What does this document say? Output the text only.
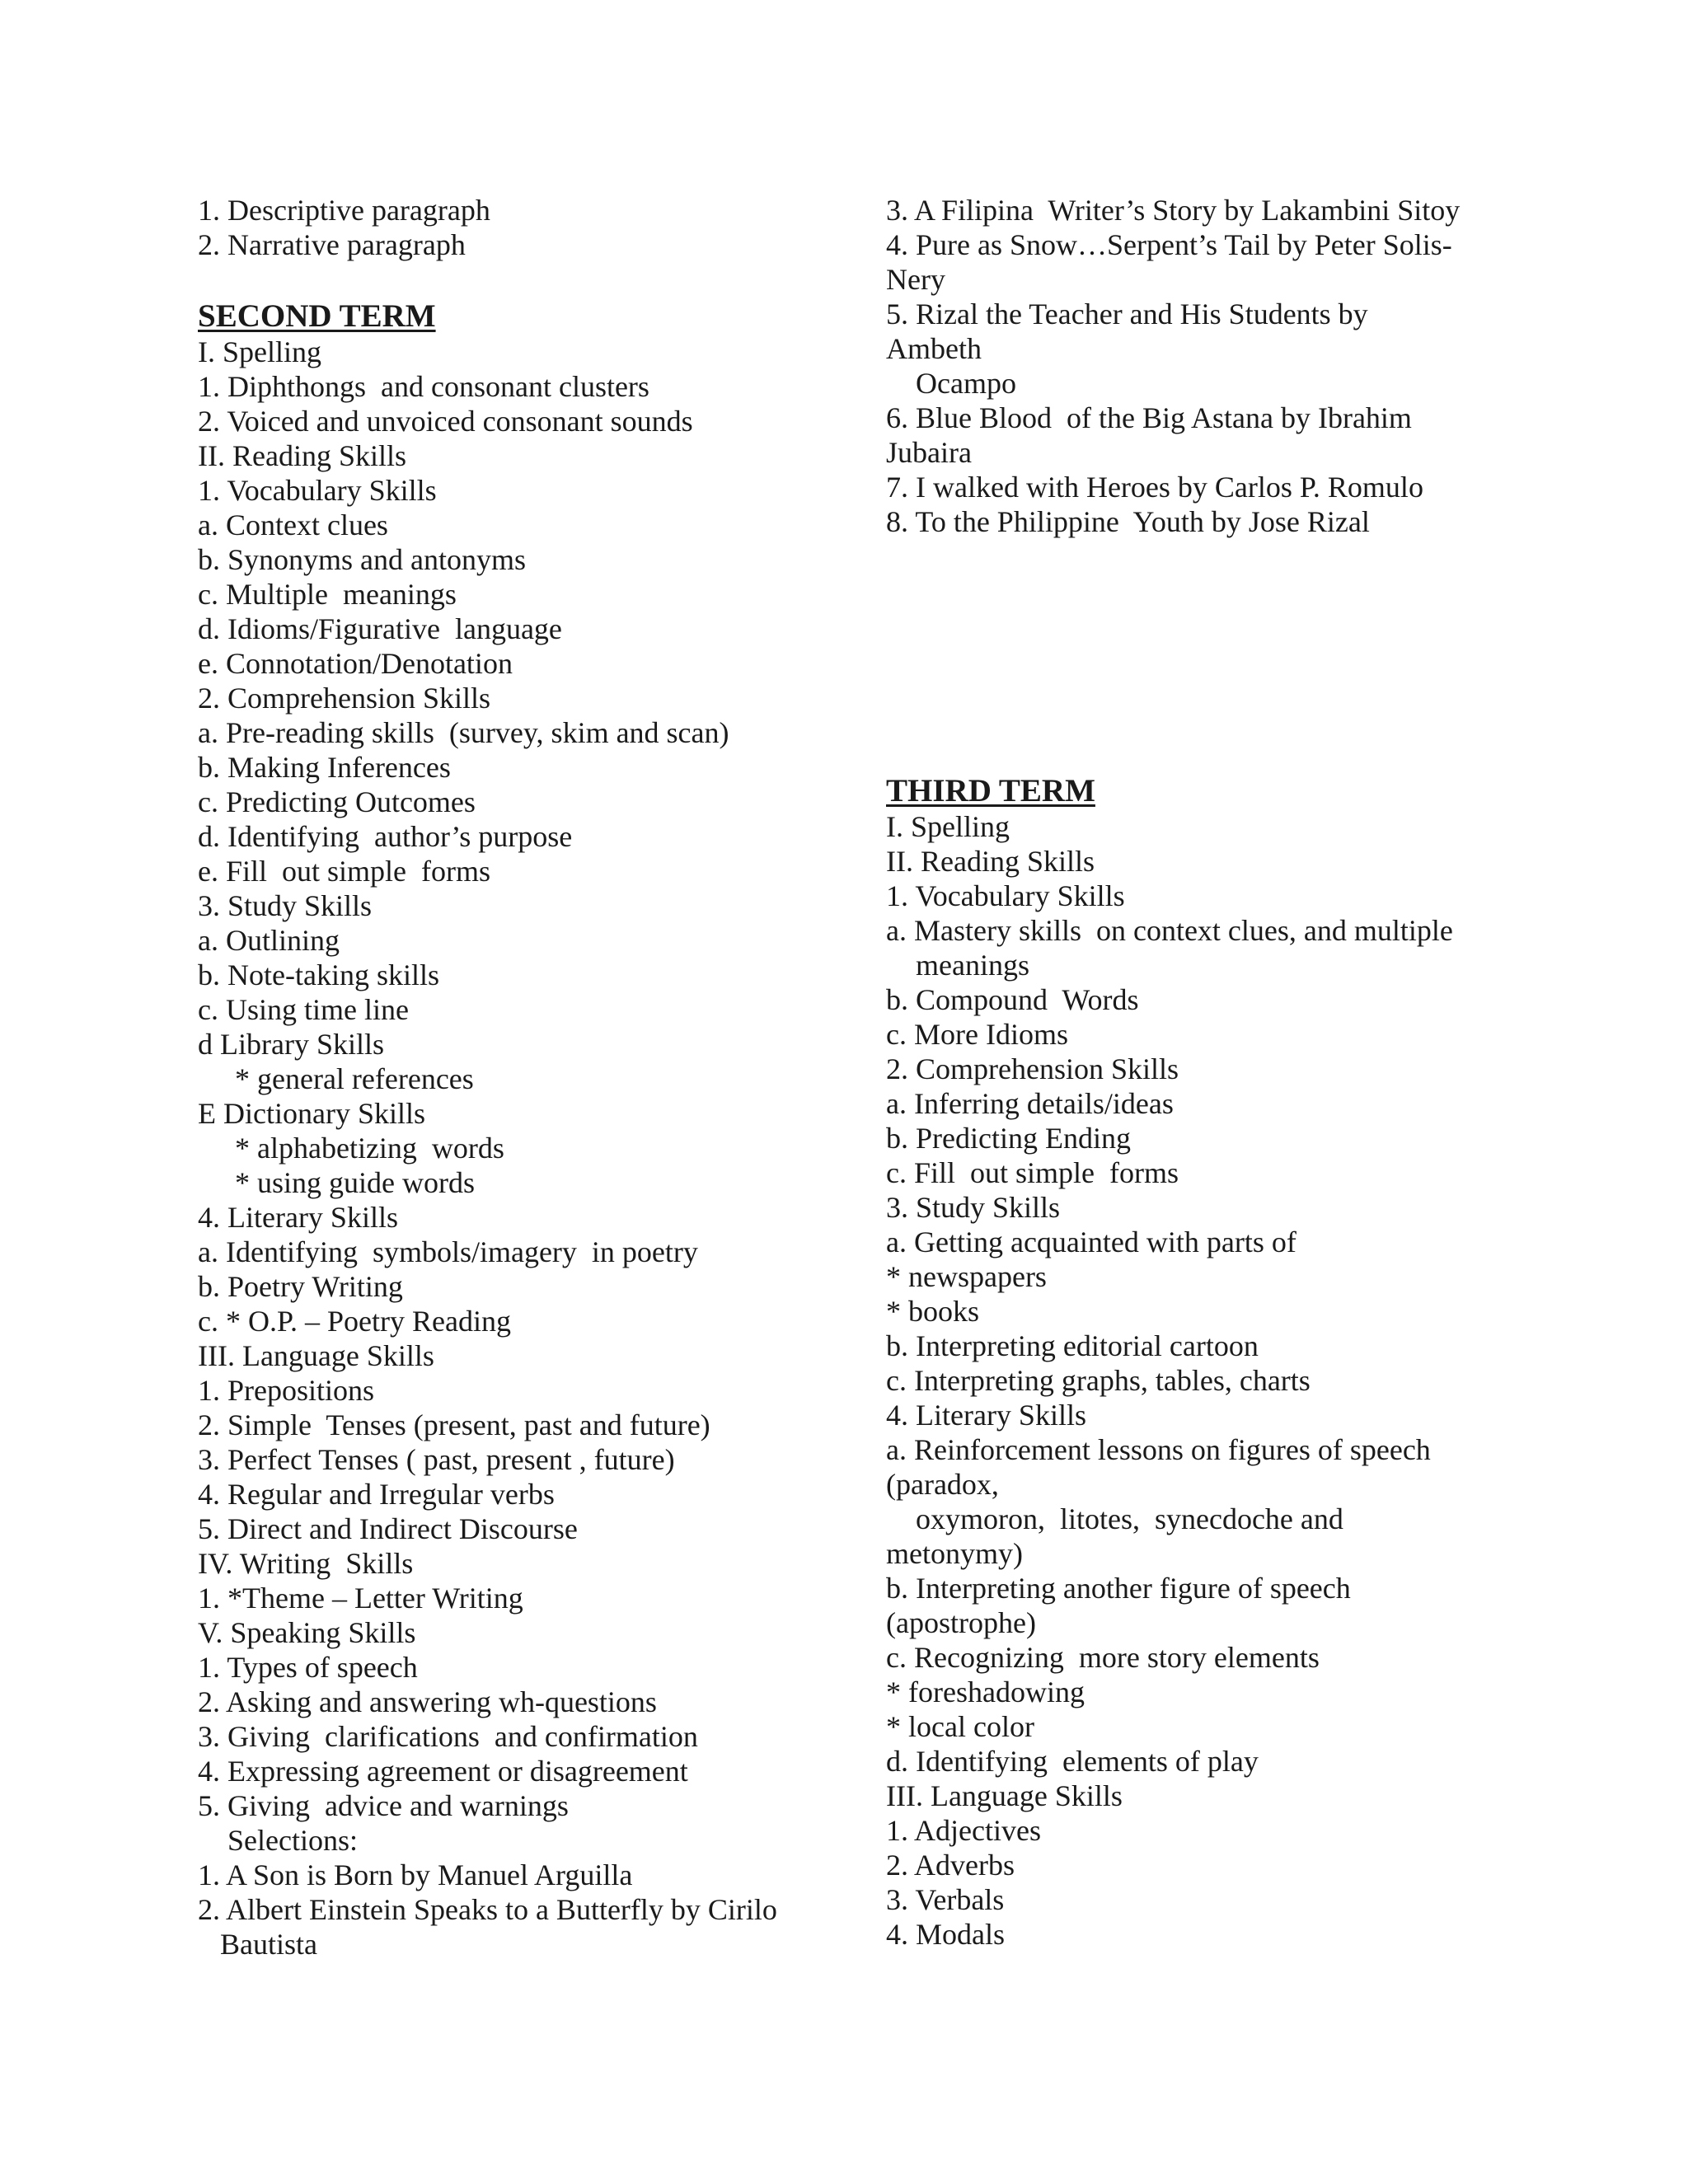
1. Descriptive paragraph
2. Narrative paragraph
SECOND TERM
I. Spelling
1. Diphthongs  and consonant clusters
2. Voiced and unvoiced consonant sounds
II. Reading Skills
1. Vocabulary Skills
a. Context clues
b. Synonyms and antonyms
c. Multiple  meanings
d. Idioms/Figurative  language
e. Connotation/Denotation
2. Comprehension Skills
a. Pre-reading skills  (survey, skim and scan)
b. Making Inferences
c. Predicting Outcomes
d. Identifying  author’s purpose
e. Fill  out simple  forms
3. Study Skills
a. Outlining
b. Note-taking skills
c. Using time line
d Library Skills
* general references
E Dictionary Skills
* alphabetizing  words
* using guide words
4. Literary Skills
a. Identifying  symbols/imagery  in poetry
b. Poetry Writing
c. * O.P. – Poetry Reading
III. Language Skills
1. Prepositions
2. Simple  Tenses (present, past and future)
3. Perfect Tenses ( past, present , future)
4. Regular and Irregular verbs
5. Direct and Indirect Discourse
IV. Writing  Skills
1. *Theme – Letter Writing
V. Speaking Skills
1. Types of speech
2. Asking and answering wh-questions
3. Giving  clarifications  and confirmation
4. Expressing agreement or disagreement
5. Giving  advice and warnings
Selections:
1. A Son is Born by Manuel Arguilla
2. Albert Einstein Speaks to a Butterfly by Cirilo
Bautista
3. A Filipina  Writer’s Story by Lakambini Sitoy
4. Pure as Snow…Serpent’s Tail by Peter Solis-
Nery
5. Rizal the Teacher and His Students by
Ambeth
Ocampo
6. Blue Blood  of the Big Astana by Ibrahim
Jubaira
7. I walked with Heroes by Carlos P. Romulo
8. To the Philippine  Youth by Jose Rizal
THIRD TERM
I. Spelling
II. Reading Skills
1. Vocabulary Skills
a. Mastery skills  on context clues, and multiple
meanings
b. Compound  Words
c. More Idioms
2. Comprehension Skills
a. Inferring details/ideas
b. Predicting Ending
c. Fill  out simple  forms
3. Study Skills
a. Getting acquainted with parts of
* newspapers
* books
b. Interpreting editorial cartoon
c. Interpreting graphs, tables, charts
4. Literary Skills
a. Reinforcement lessons on figures of speech
(paradox,
oxymoron,  litotes,  synecdoche and
metonymy)
b. Interpreting another figure of speech
(apostrophe)
c. Recognizing  more story elements
* foreshadowing
* local color
d. Identifying  elements of play
III. Language Skills
1. Adjectives
2. Adverbs
3. Verbals
4. Modals
